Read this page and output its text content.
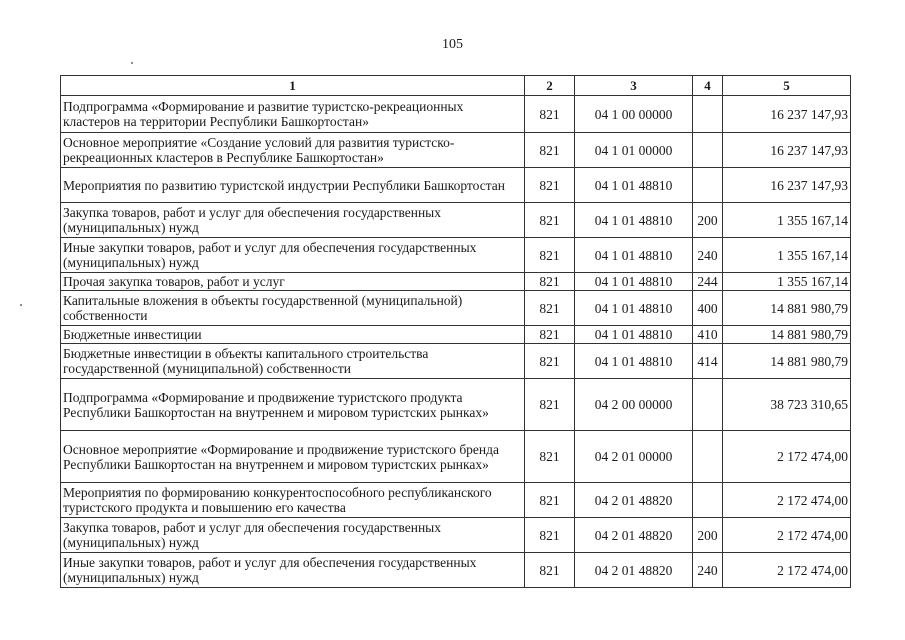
105
1	2	3	4	5
Подпрограмма «Формирование и развитие туристско-рекреационных кластеров на территории Республики Башкортостан»	821	04 1 00 00000		16 237 147,93
Основное мероприятие «Создание условий для развития туристско-рекреационных кластеров в Республике Башкортостан»	821	04 1 01 00000		16 237 147,93
Мероприятия по развитию туристской индустрии Республики Башкортостан	821	04 1 01 48810		16 237 147,93
Закупка товаров, работ и услуг для обеспечения государственных (муниципальных) нужд	821	04 1 01 48810	200	1 355 167,14
Иные закупки товаров, работ и услуг для обеспечения государственных (муниципальных) нужд	821	04 1 01 48810	240	1 355 167,14
Прочая закупка товаров, работ и услуг	821	04 1 01 48810	244	1 355 167,14
Капитальные вложения в объекты государственной (муниципальной) собственности	821	04 1 01 48810	400	14 881 980,79
Бюджетные инвестиции	821	04 1 01 48810	410	14 881 980,79
Бюджетные инвестиции в объекты капитального строительства государственной (муниципальной) собственности	821	04 1 01 48810	414	14 881 980,79
Подпрограмма «Формирование и продвижение туристского продукта Республики Башкортостан на внутреннем и мировом туристских рынках»	821	04 2 00 00000		38 723 310,65
Основное мероприятие «Формирование и продвижение туристского бренда Республики Башкортостан на внутреннем и мировом туристских рынках»	821	04 2 01 00000		2 172 474,00
Мероприятия по формированию конкурентоспособного республиканского туристского продукта и повышению его качества	821	04 2 01 48820		2 172 474,00
Закупка товаров, работ и услуг для обеспечения государственных (муниципальных) нужд	821	04 2 01 48820	200	2 172 474,00
Иные закупки товаров, работ и услуг для обеспечения государственных (муниципальных) нужд	821	04 2 01 48820	240	2 172 474,00
